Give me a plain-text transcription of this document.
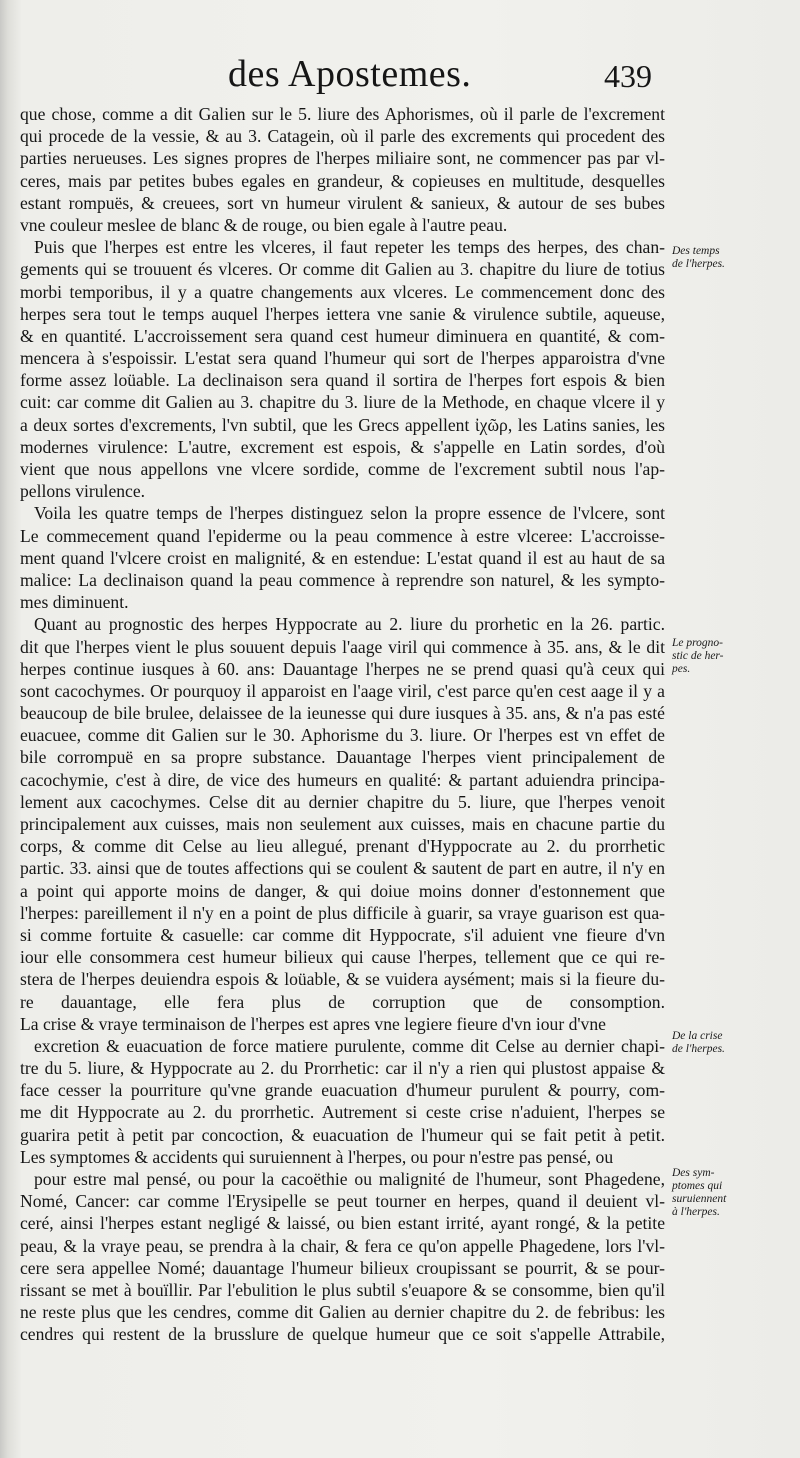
des Apostemes.	439
que chose, comme a dit Galien sur le 5. liure des Aphorismes, où il parle de l'excrement
qui procede de la vessie, & au 3. Catagein, où il parle des excrements qui procedent des
parties nerueuses. Les signes propres de l'herpes miliaire sont, ne commencer pas par vl-
ceres, mais par petites bubes egales en grandeur, & copieuses en multitude, desquelles
estant rompuës, & creuees, sort vn humeur virulent & sanieux, & autour de ses bubes
vne couleur meslee de blanc & de rouge, ou bien egale à l'autre peau.
Puis que l'herpes est entre les vlceres, il faut repeter les temps des herpes, des chan-
gements qui se trouuent és vlceres. Or comme dit Galien au 3. chapitre du liure de totius
morbi temporibus, il y a quatre changements aux vlceres. Le commencement donc des
herpes sera tout le temps auquel l'herpes iettera vne sanie & virulence subtile, aqueuse,
& en quantité. L'accroissement sera quand cest humeur diminuera en quantité, & com-
mencera à s'espoissir. L'estat sera quand l'humeur qui sort de l'herpes apparoistra d'vne
forme assez loüable. La declinaison sera quand il sortira de l'herpes fort espois & bien
cuit: car comme dit Galien au 3. chapitre du 3. liure de la Methode, en chaque vlcere il y
a deux sortes d'excrements, l'vn subtil, que les Grecs appellent ἰχῶρ, les Latins sanies, les
modernes virulence: L'autre, excrement est espois, & s'appelle en Latin sordes, d'où
vient que nous appellons vne vlcere sordide, comme de l'excrement subtil nous l'ap-
pellons virulence.
Voila les quatre temps de l'herpes distinguez selon la propre essence de l'vlcere, sont
Le commecement quand l'epiderme ou la peau commence à estre vlceree: L'accroisse-
ment quand l'vlcere croist en malignité, & en estendue: L'estat quand il est au haut de sa
malice: La declinaison quand la peau commence à reprendre son naturel, & les sympto-
mes diminuent.
Quant au prognostic des herpes Hyppocrate au 2. liure du prorhetic en la 26. partic.
dit que l'herpes vient le plus souuent depuis l'aage viril qui commence à 35. ans, & le dit
herpes continue iusques à 60. ans: Dauantage l'herpes ne se prend quasi qu'à ceux qui
sont cacochymes. Or pourquoy il apparoist en l'aage viril, c'est parce qu'en cest aage il y a
beaucoup de bile brulee, delaissee de la ieunesse qui dure iusques à 35. ans, & n'a pas esté
euacuee, comme dit Galien sur le 30. Aphorisme du 3. liure. Or l'herpes est vn effet de
bile corrompuë en sa propre substance. Dauantage l'herpes vient principalement de
cacochymie, c'est à dire, de vice des humeurs en qualité: & partant aduiendra principa-
lement aux cacochymes. Celse dit au dernier chapitre du 5. liure, que l'herpes venoit
principalement aux cuisses, mais non seulement aux cuisses, mais en chacune partie du
corps, & comme dit Celse au lieu allegué, prenant d'Hyppocrate au 2. du prorrhetic
partic. 33. ainsi que de toutes affections qui se coulent & sautent de part en autre, il n'y en
a point qui apporte moins de danger, & qui doiue moins donner d'estonnement que
l'herpes: pareillement il n'y en a point de plus difficile à guarir, sa vraye guarison est qua-
si comme fortuite & casuelle: car comme dit Hyppocrate, s'il aduient vne fieure d'vn
iour elle consommera cest humeur bilieux qui cause l'herpes, tellement que ce qui re-
stera de l'herpes deuiendra espois & loüable, & se vuidera aysément; mais si la fieure du-
re dauantage, elle fera plus de corruption que de consomption.
La crise & vraye terminaison de l'herpes est apres vne legiere fieure d'vn iour d'vne
excretion & euacuation de force matiere purulente, comme dit Celse au dernier chapi-
tre du 5. liure, & Hyppocrate au 2. du Prorrhetic: car il n'y a rien qui plustost appaise &
face cesser la pourriture qu'vne grande euacuation d'humeur purulent & pourry, com-
me dit Hyppocrate au 2. du prorrhetic. Autrement si ceste crise n'aduient, l'herpes se
guarira petit à petit par concoction, & euacuation de l'humeur qui se fait petit à petit.
Les symptomes & accidents qui suruiennent à l'herpes, ou pour n'estre pas pensé, ou
pour estre mal pensé, ou pour la cacoëthie ou malignité de l'humeur, sont Phagedene,
Nomé, Cancer: car comme l'Erysipelle se peut tourner en herpes, quand il deuient vl-
ceré, ainsi l'herpes estant negligé & laissé, ou bien estant irrité, ayant rongé, & la petite
peau, & la vraye peau, se prendra à la chair, & fera ce qu'on appelle Phagedene, lors l'vl-
cere sera appellee Nomé; dauantage l'humeur bilieux croupissant se pourrit, & se pour-
rissant se met à bouïllir. Par l'ebulition le plus subtil s'euapore & se consomme, bien qu'il
ne reste plus que les cendres, comme dit Galien au dernier chapitre du 2. de febribus: les
cendres qui restent de la brusslure de quelque humeur que ce soit s'appelle Attrabile,
Des temps
de l'herpes.
Le progno-
stic de her-
pes.
De la crise
de l'herpes.
Des sym-
ptomes qui
suruiennent
à l'herpes.
